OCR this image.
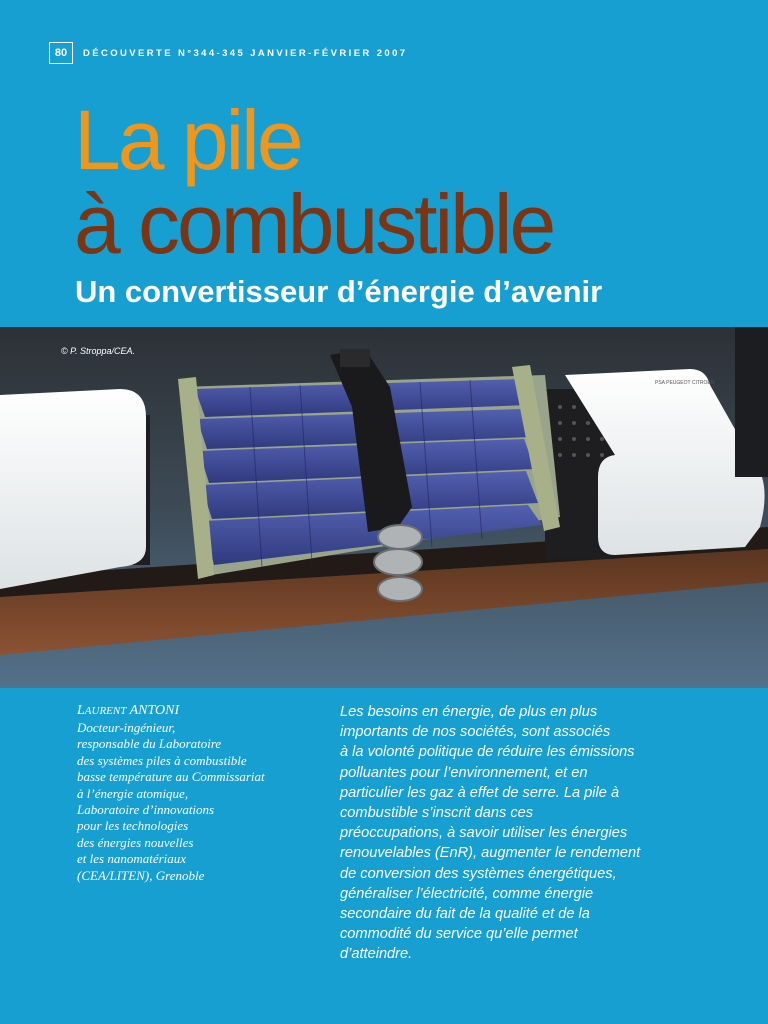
80	DÉCOUVERTE N°344-345 JANVIER-FÉVRIER 2007
La pile
à combustible
Un convertisseur d’énergie d’avenir
PSA PEUGEOT CITROËN
© P. Stroppa/CEA.
LAURENT ANTONI
Docteur-ingénieur,
responsable du Laboratoire
des systèmes piles à combustible
basse température au Commissariat
à l’énergie atomique,
Laboratoire d’innovations
pour les technologies
des énergies nouvelles
et les nanomatériaux
(CEA/LITEN), Grenoble

Les besoins en énergie, de plus en plus
importants de nos sociétés, sont associés
à la volonté politique de réduire les émissions
polluantes pour l’environnement, et en
particulier les gaz à effet de serre. La pile à
combustible s’inscrit dans ces
préoccupations, à savoir utiliser les énergies
renouvelables (EnR), augmenter le rendement
de conversion des systèmes énergétiques,
généraliser l’électricité, comme énergie
secondaire du fait de la qualité et de la
commodité du service qu’elle permet
d’atteindre.
